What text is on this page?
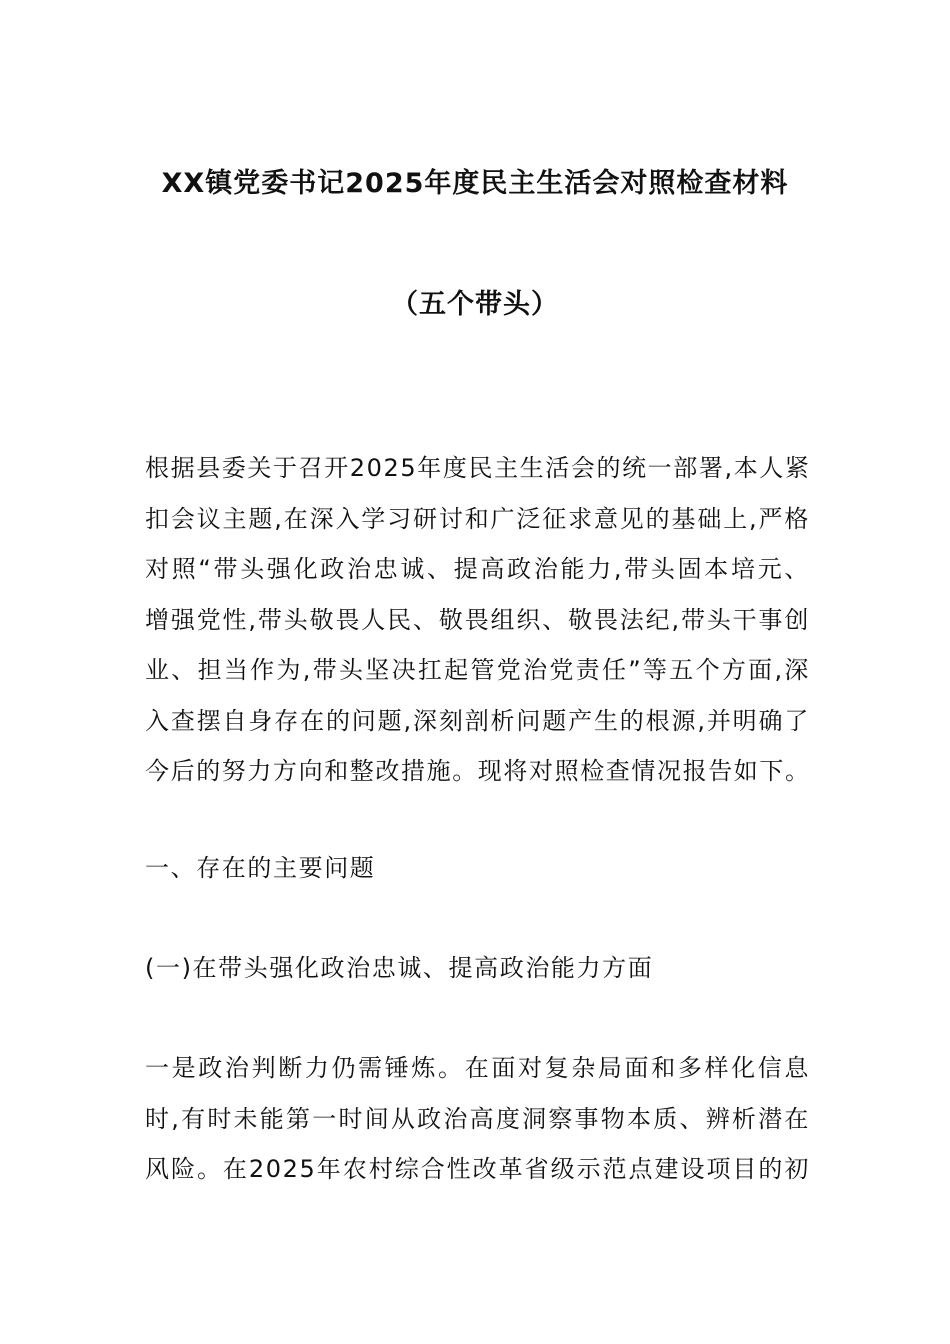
XX镇党委书记2025年度民主生活会对照检查材料
（五个带头）
根据县委关于召开2025年度民主生活会的统一部署,本人紧
扣会议主题,在深入学习研讨和广泛征求意见的基础上,严格
对照“带头强化政治忠诚、提高政治能力,带头固本培元、
增强党性,带头敬畏人民、敬畏组织、敬畏法纪,带头干事创
业、担当作为,带头坚决扛起管党治党责任”等五个方面,深
入查摆自身存在的问题,深刻剖析问题产生的根源,并明确了
今后的努力方向和整改措施。现将对照检查情况报告如下。
一、存在的主要问题
(一)在带头强化政治忠诚、提高政治能力方面
一是政治判断力仍需锤炼。在面对复杂局面和多样化信息
时,有时未能第一时间从政治高度洞察事物本质、辨析潜在
风险。在2025年农村综合性改革省级示范点建设项目的初
